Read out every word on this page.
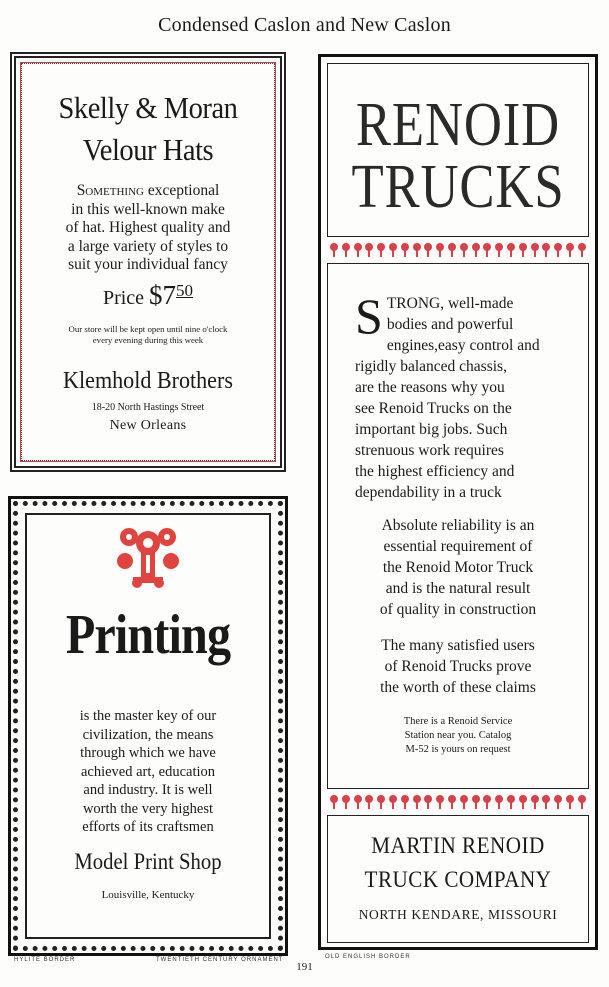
Condensed Caslon and New Caslon
Skelly & Moran
Velour Hats
Something exceptional
in this well-known make
of hat. Highest quality and
a large variety of styles to
suit your individual fancy
Price $\$7^{50}$
Our store will be kept open until nine o'clock
every evening during this week
Klemhold Brothers
18-20 North Hastings Street
New Orleans
Printing
is the master key of our
civilization, the means
through which we have
achieved art, education
and industry. It is well
worth the very highest
efforts of its craftsmen
Model Print Shop
Louisville, Kentucky
RENOID
TRUCKS
S TRONG, well-made
bodies and powerful
engines,easy control and
rigidly balanced chassis,
are the reasons why you
see Renoid Trucks on the
important big jobs. Such
strenuous work requires
the highest efficiency and
dependability in a truck
Absolute reliability is an
essential requirement of
the Renoid Motor Truck
and is the natural result
of quality in construction
The many satisfied users
of Renoid Trucks prove
the worth of these claims
There is a Renoid Service
Station near you. Catalog
M-52 is yours on request
MARTIN RENOID
TRUCK COMPANY
NORTH KENDARE, MISSOURI
HYLITE BORDER	TWENTIETH CENTURY ORNAMENT	OLD ENGLISH BORDER
191
